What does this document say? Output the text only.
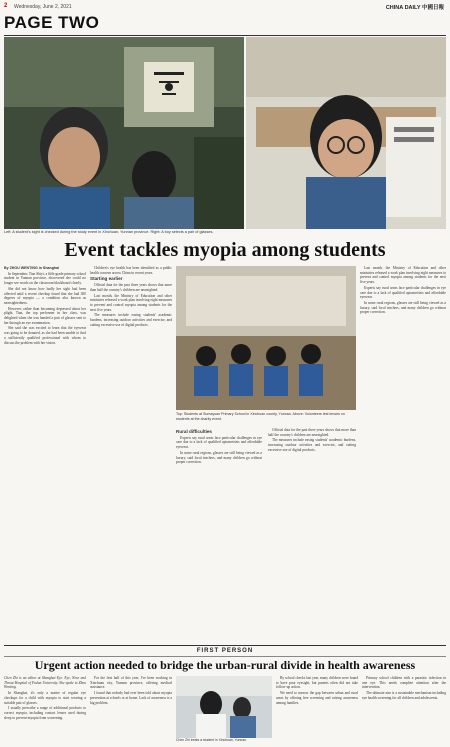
2 Wednesday, June 2, 2021	CHINA DAILY 中國日報
PAGE TWO
Left: A student's sight is checked during the study event in Xinchuan, Yunnan province. Right: A boy selects a pair of glasses.
Event tackles myopia among students

By ZHOU WENTING in Shanghai

In September, Tian Shiyi, a fifth-grade primary school student in Yunnan province, discovered she could no longer see words on the classroom blackboard clearly.

She did not know how badly her sight had been affected until a recent checkup found that she had 300 degrees of myopia — a condition also known as nearsightedness.

However, rather than becoming depressed about her plight, Tian, the top performer in her class, was delighted when she was handed a pair of glasses sent to her through an eye examination.

She said she was excited to learn that the eyewear was going to be donated, as she had been unable to find a sufficiently qualified professional with whom to discuss the problem with her vision.

Children's eye health has been identified as a public health concern across China in recent years.

Starting earlier

Official data for the past three years shows that more than half the country's children are nearsighted.

Last month, the Ministry of Education and other ministries released a work plan involving eight measures to prevent and control myopia among students for the next five years.

The measures include easing students' academic burdens, increasing outdoor activities and exercise, and cutting excessive use of digital products.

Top: Students at Sumayuan Primary School in Xinchuan county, Yunnan. Above: Volunteers test lenses on students at the charity event.
Rural difficulties

Experts say rural areas face particular challenges in eye care due to a lack of qualified optometrists and affordable eyewear.

In some rural regions, glasses are still being viewed as a luxury, said local teachers, and many children go without proper correction.

Official data for the past three years shows that more than half the country's children are nearsighted.

The measures include easing students' academic burdens, increasing outdoor activities and exercise, and cutting excessive use of digital products.

Last month, the Ministry of Education and other ministries released a work plan involving eight measures to prevent and control myopia among students for the next five years.

Experts say rural areas face particular challenges in eye care due to a lack of qualified optometrists and affordable eyewear.

In some rural regions, glasses are still being viewed as a luxury, said local teachers, and many children go without proper correction.

FIRST PERSON
Urgent action needed to bridge the urban-rural divide in health awareness

Chen Zhi is an editor at Shanghai Eye. Eye, Nose and Throat Hospital of Fudan University. She spoke to Zhou Wenting.

In Shanghai, it's only a matter of regular eye checkups for a child with myopia to start wearing a suitable pair of glasses.

I usually prescribe a range of additional products to correct myopia, including contact lenses used during sleep to prevent myopia from worsening.

For the first half of this year, I've been working in Xinchuan city, Yunnan province, offering medical assistance.

I found that nobody had ever been told about myopia prevention at schools or at home. Lack of awareness is a big problem.

Chen Zhi treats a student in Xinchuan, Yunnan.

By school checks last year, many children were found to have poor eyesight, but parents often did not take follow-up action.

We need to narrow the gap between urban and rural areas by offering free screening and raising awareness among families.

Primary school children with a parasitic infection in one eye. This needs complete attention after the intervention.

The ultimate aim is a sustainable mechanism including eye health screening for all children and adolescents.
